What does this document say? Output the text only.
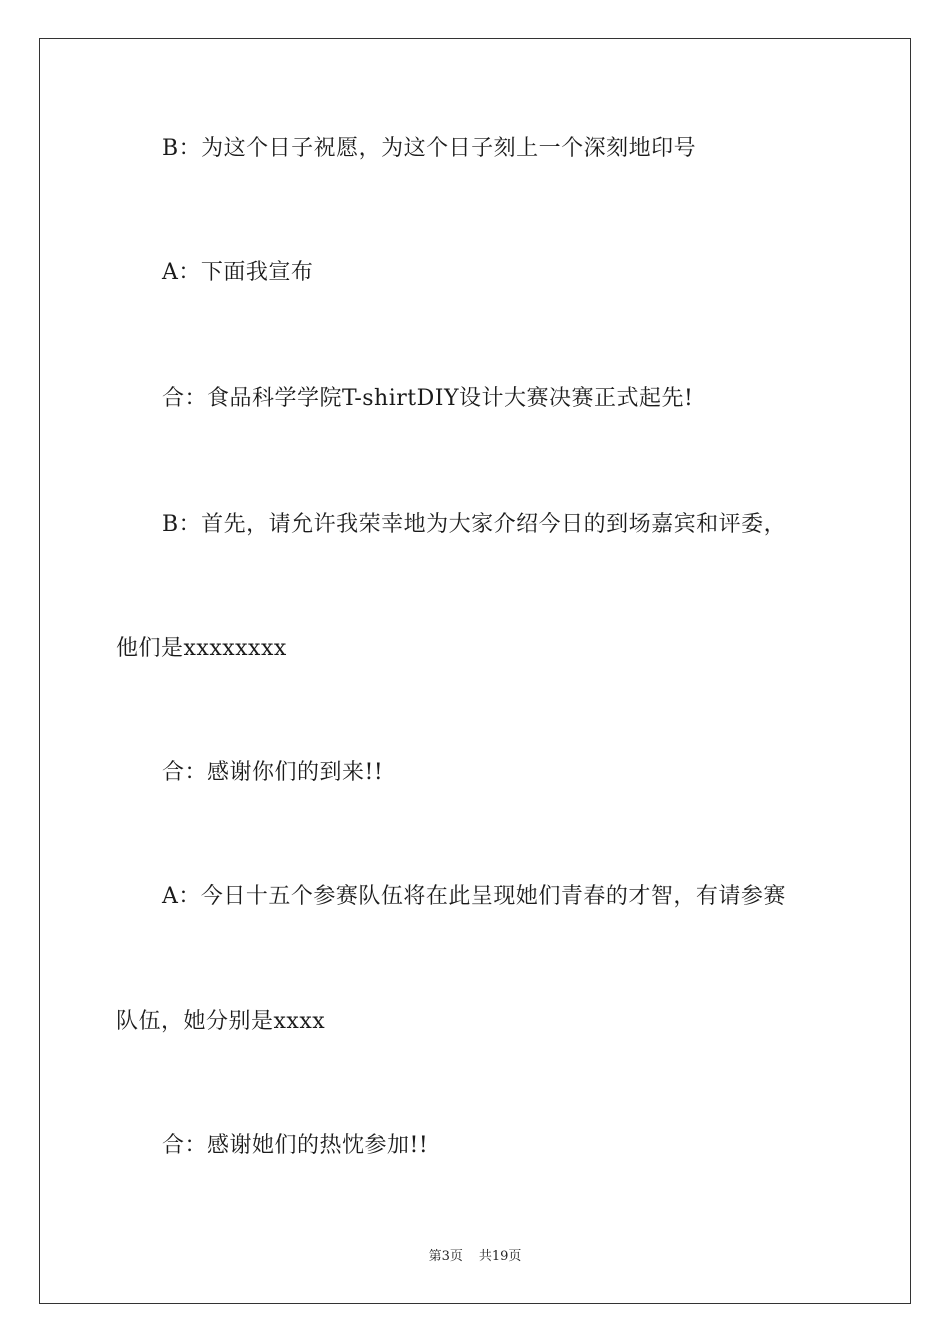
B：为这个日子祝愿，为这个日子刻上一个深刻地印号
A：下面我宣布
合：食品科学学院T-shirtDIY设计大赛决赛正式起先!
B：首先，请允许我荣幸地为大家介绍今日的到场嘉宾和评委，
他们是xxxxxxxx
合：感谢你们的到来!!
A：今日十五个参赛队伍将在此呈现她们青春的才智，有请参赛
队伍，她分别是xxxx
合：感谢她们的热忱参加!!
第3页 共19页
